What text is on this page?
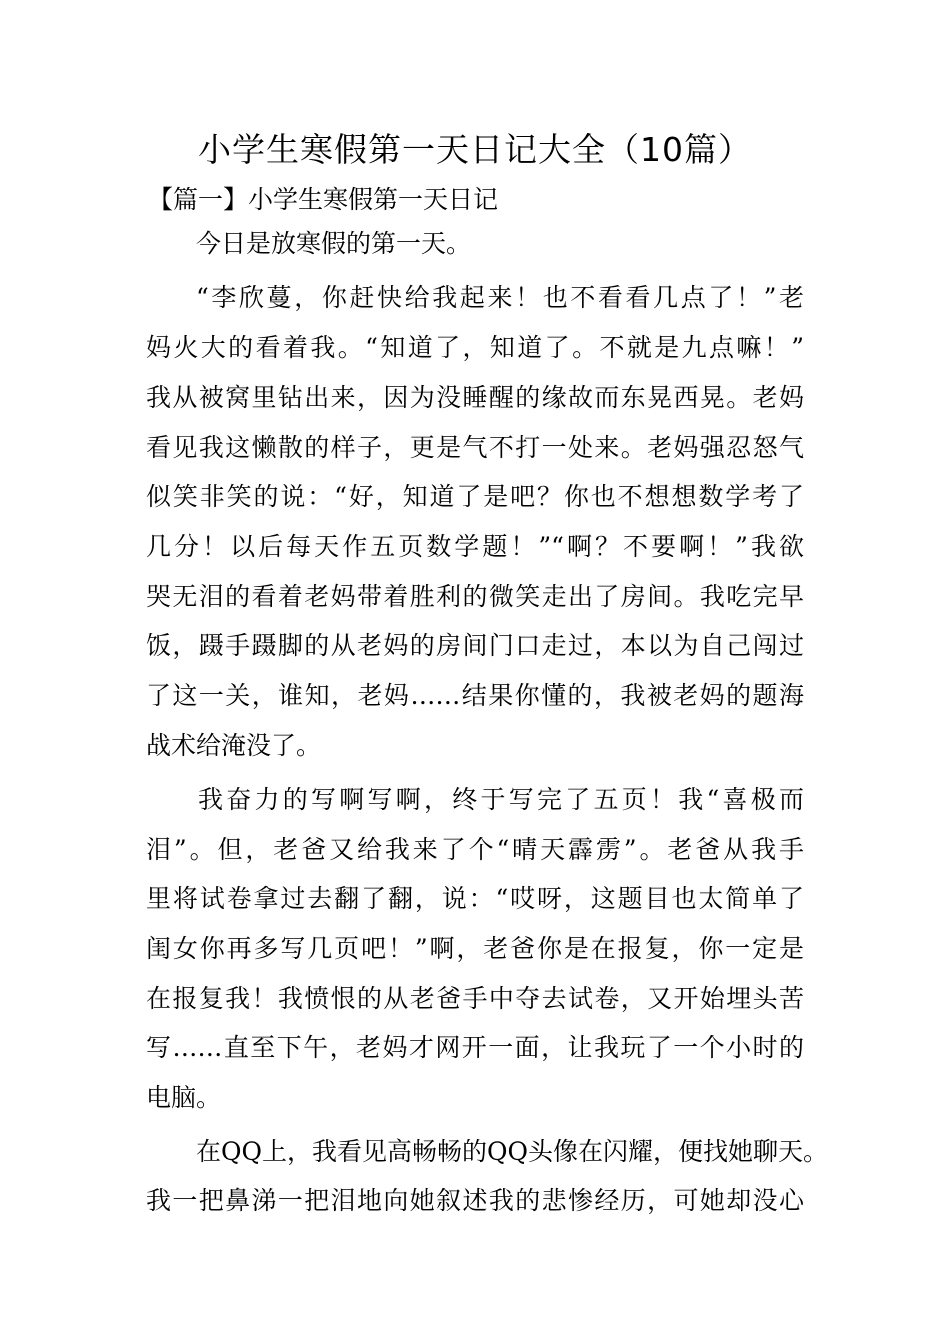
小学生寒假第一天日记大全（10篇）
【篇一】小学生寒假第一天日记
今日是放寒假的第一天。
“李欣蔓，你赶快给我起来！也不看看几点了！”老
妈火大的看着我。“知道了，知道了。不就是九点嘛！”
我从被窝里钻出来，因为没睡醒的缘故而东晃西晃。老妈
看见我这懒散的样子，更是气不打一处来。老妈强忍怒气
似笑非笑的说：“好，知道了是吧？你也不想想数学考了
几分！以后每天作五页数学题！”“啊？不要啊！”我欲
哭无泪的看着老妈带着胜利的微笑走出了房间。我吃完早
饭，蹑手蹑脚的从老妈的房间门口走过，本以为自己闯过
了这一关，谁知，老妈……结果你懂的，我被老妈的题海
战术给淹没了。
我奋力的写啊写啊，终于写完了五页！我“喜极而
泪”。但，老爸又给我来了个“晴天霹雳”。老爸从我手
里将试卷拿过去翻了翻，说：“哎呀，这题目也太简单了
闺女你再多写几页吧！”啊，老爸你是在报复，你一定是
在报复我！我愤恨的从老爸手中夺去试卷，又开始埋头苦
写……直至下午，老妈才网开一面，让我玩了一个小时的
电脑。
在QQ上，我看见高畅畅的QQ头像在闪耀，便找她聊天。
我一把鼻涕一把泪地向她叙述我的悲惨经历，可她却没心
